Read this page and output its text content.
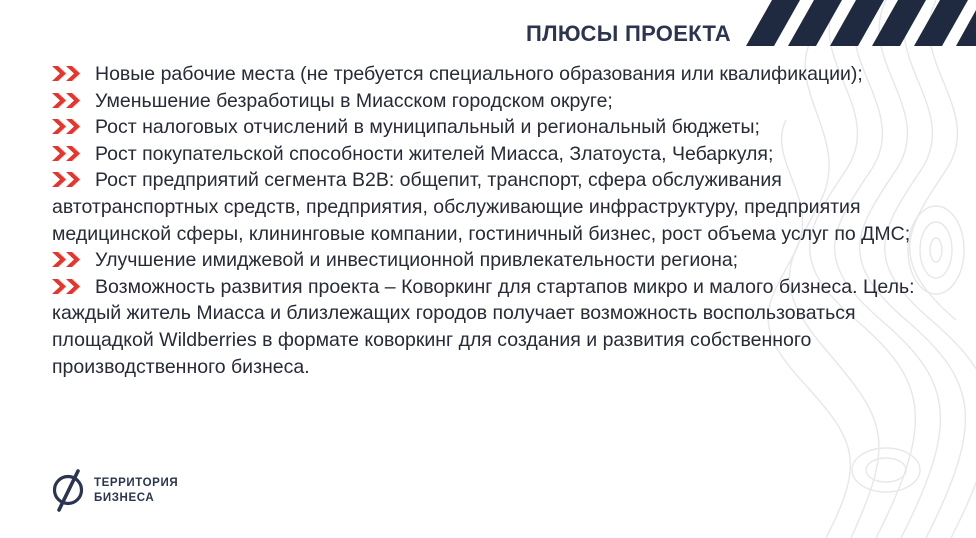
ПЛЮСЫ ПРОЕКТА

Новые рабочие места (не требуется специального образования или квалификации);

Уменьшение безработицы в Миасском городском округе;

Рост налоговых отчислений в муниципальный и региональный бюджеты;

Рост покупательской способности жителей Миасса, Златоуста, Чебаркуля;

Рост предприятий сегмента B2B: общепит, транспорт, сфера обслуживания автотранспортных средств, предприятия, обслуживающие инфраструктуру, предприятия медицинской сферы, клининговые компании, гостиничный бизнес, рост объема услуг по ДМС;

Улучшение имиджевой и инвестиционной привлекательности региона;

Возможность развития проекта – Коворкинг для стартапов микро и малого бизнеса. Цель: каждый житель Миасса и близлежащих городов получает возможность воспользоваться площадкой Wildberries в формате коворкинг для создания и развития собственного производственного бизнеса.

ТЕРРИТОРИЯ
БИЗНЕСА
